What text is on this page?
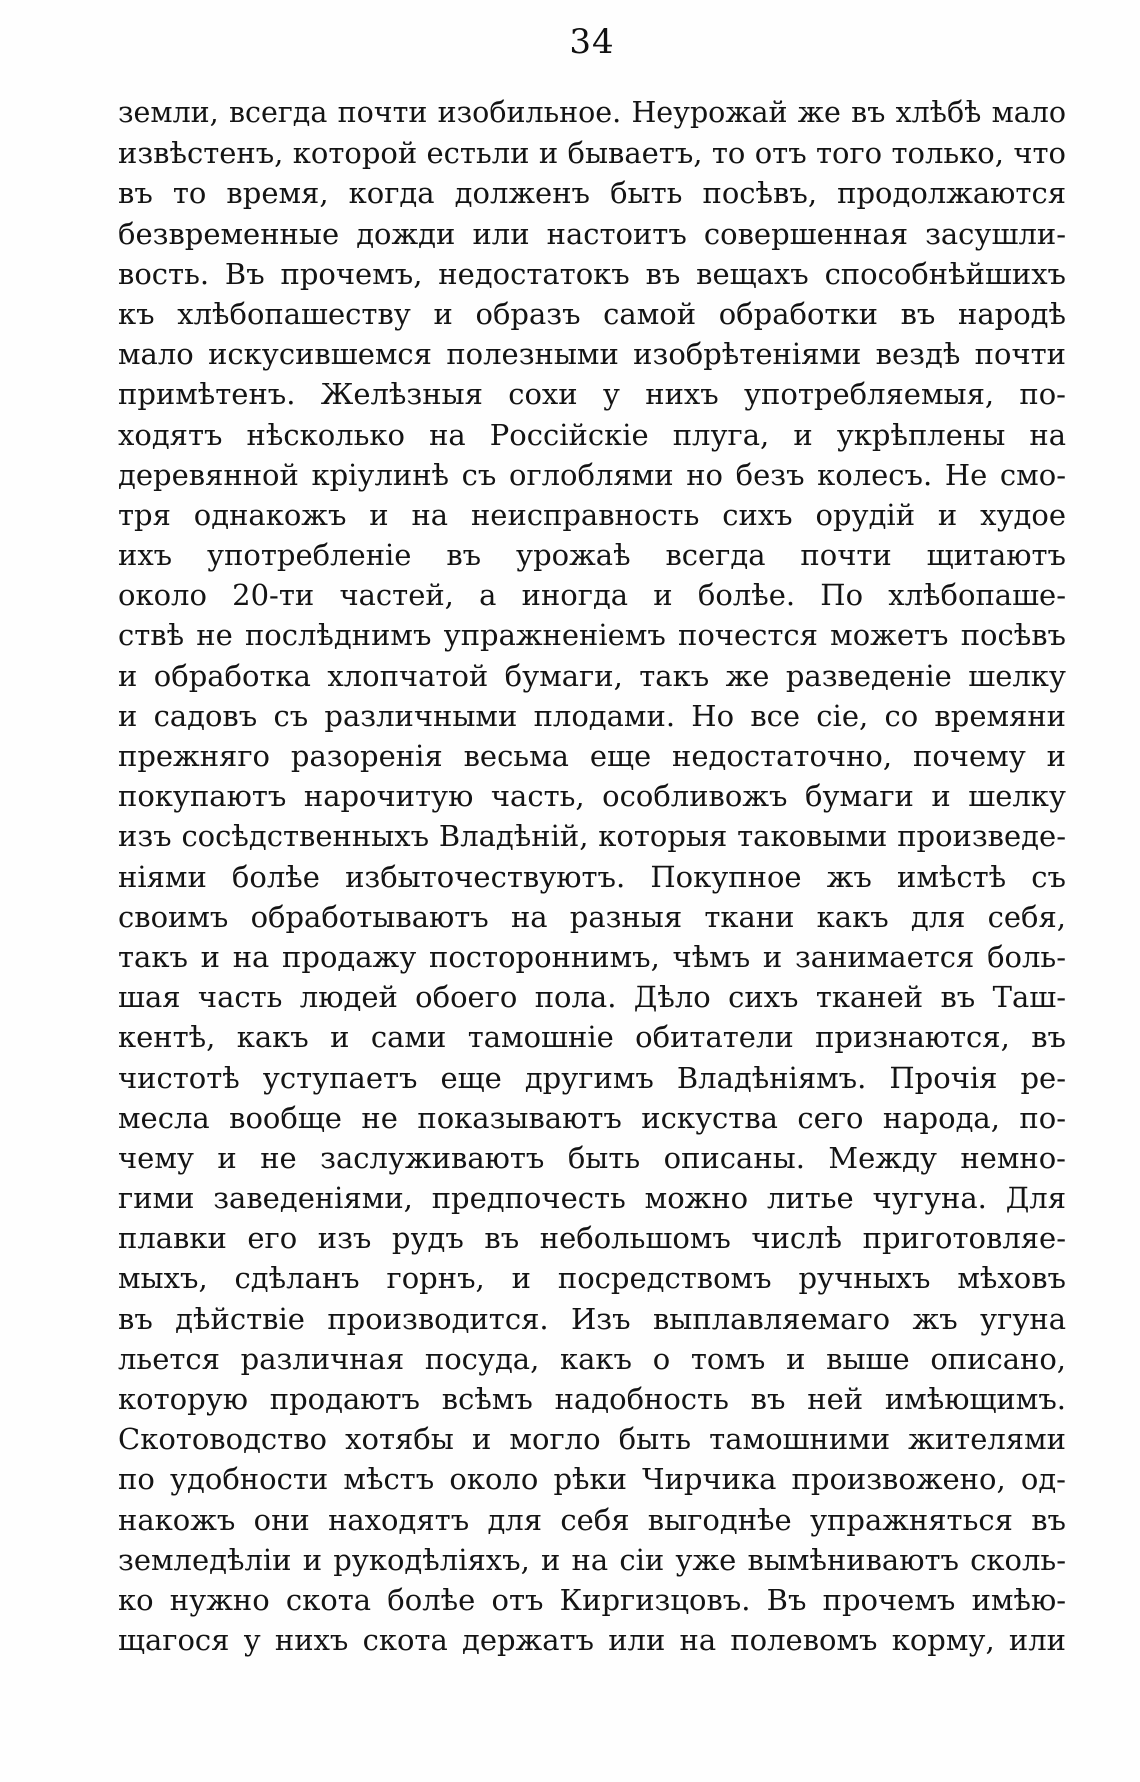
34
земли, всегда почти изобильное. Неурожай же въ хлѣбѣ мало
извѣстенъ, которой естьли и бываетъ, то отъ того только, что
въ то время, когда долженъ быть посѣвъ, продолжаются
безвременные дожди или настоитъ совершенная засушли-
вость. Въ прочемъ, недостатокъ въ вещахъ способнѣйшихъ
къ хлѣбопашеству и образъ самой обработки въ народѣ
мало искусившемся полезными изобрѣтеніями вездѣ почти
примѣтенъ. Желѣзныя сохи у нихъ употребляемыя, по-
ходятъ нѣсколько на Россійскіе плуга, и укрѣплены на
деревянной кріулинѣ съ оглоблями но безъ колесъ. Не смо-
тря однакожъ и на неисправность сихъ орудій и худое
ихъ употребленіе въ урожаѣ всегда почти щитаютъ
около 20-ти частей, а иногда и болѣе. По хлѣбопаше-
ствѣ не послѣднимъ упражненіемъ почестся можетъ посѣвъ
и обработка хлопчатой бумаги, такъ же разведеніе шелку
и садовъ съ различными плодами. Но все сіе, со времяни
прежняго разоренія весьма еще недостаточно, почему и
покупаютъ нарочитую часть, особливожъ бумаги и шелку
изъ сосѣдственныхъ Владѣній, которыя таковыми произведе-
ніями болѣе избыточествуютъ. Покупное жъ имѣстѣ съ
своимъ обработываютъ на разныя ткани какъ для себя,
такъ и на продажу постороннимъ, чѣмъ и занимается боль-
шая часть людей обоего пола. Дѣло сихъ тканей въ Таш-
кентѣ, какъ и сами тамошніе обитатели признаются, въ
чистотѣ уступаетъ еще другимъ Владѣніямъ. Прочія ре-
месла вообще не показываютъ искуства сего народа, по-
чему и не заслуживаютъ быть описаны. Между немно-
гими заведеніями, предпочесть можно литье чугуна. Для
плавки его изъ рудъ въ небольшомъ числѣ приготовляе-
мыхъ, сдѣланъ горнъ, и посредствомъ ручныхъ мѣховъ
въ дѣйствіе производится. Изъ выплавляемаго жъ угуна
льется различная посуда, какъ о томъ и выше описано,
которую продаютъ всѣмъ надобность въ ней имѣющимъ.
Скотоводство хотябы и могло быть тамошними жителями
по удобности мѣстъ около рѣки Чирчика произвожено, од-
накожъ они находятъ для себя выгоднѣе упражняться въ
земледѣліи и рукодѣліяхъ, и на сіи уже вымѣниваютъ сколь-
ко нужно скота болѣе отъ Киргизцовъ. Въ прочемъ имѣю-
щагося у нихъ скота держатъ или на полевомъ корму, или
